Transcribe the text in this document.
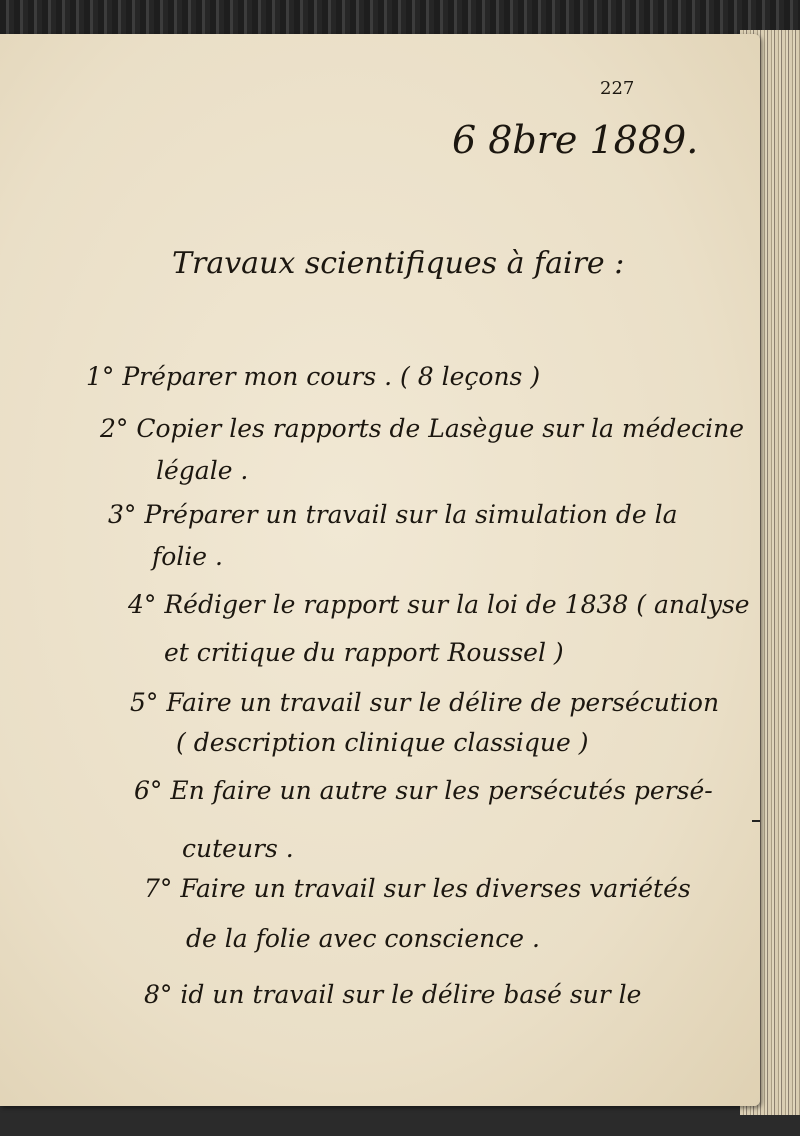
227
6 8bre 1889.
Travaux scientifiques à faire :
1° Préparer mon cours . ( 8 leçons )
2° Copier les rapports de Lasègue sur la médecine
légale .
3° Préparer un travail sur la simulation de la
folie .
4° Rédiger le rapport sur la loi de 1838 ( analyse
et critique du rapport Roussel )
5° Faire un travail sur le délire de persécution
( description clinique classique )
6° En faire un autre sur les persécutés persé-
cuteurs .
7° Faire un travail sur les diverses variétés
de la folie avec conscience .
8° id un travail sur le délire basé sur le
